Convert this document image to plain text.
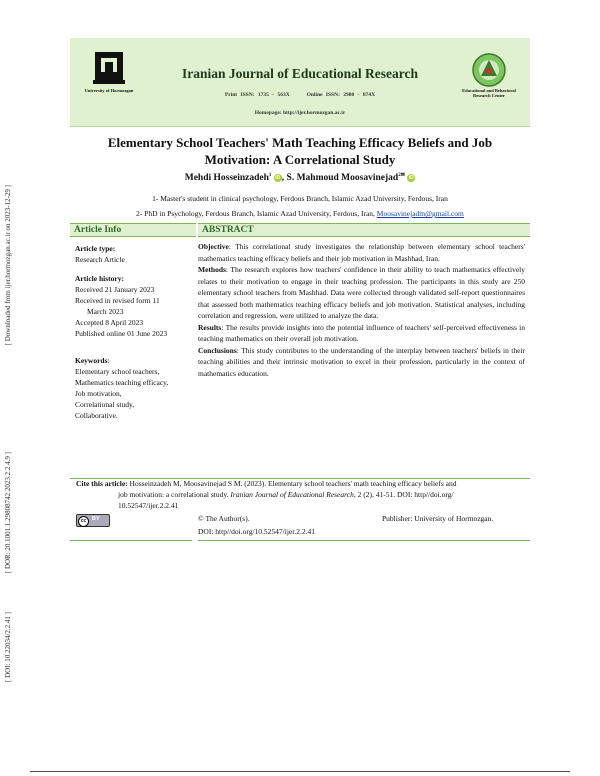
[ Downloaded from ijer.hormozgan.ac.ir on 2023-12-29 ]
[ DOR: 20.1001.1.29808742.2023.2.2.4.9 ]
[ DOI: 10.22034/2.2.41 ]
University of Hormozgan
Iranian Journal of Educational Research
Print ISSN: 1735 - 563X	Online ISSN: 2980 - 874X
Homepage: http://ijer.hormozgan.ac.ir
Educational and Behavioral Research Center
Elementary School Teachers' Math Teaching Efficacy Beliefs and Job Motivation: A Correlational Study
Mehdi Hosseinzadeh$^1$ iD , S. Mahmoud Moosavinejad$^{2✉}$ iD
1- Master's student in clinical psychology, Ferdous Branch, Islamic Azad University, Ferdous, Iran
2- PhD in Psychology, Ferdous Branch, Islamic Azad University, Ferdous, Iran, Moosavinejadm@gmail.com
Article Info	ABSTRACT
Article type:
Research Article
Article history:
Received 21 January 2023
Received in revised form 11
March 2023
Accepted 8 April 2023
Published online 01 June 2023
Keywords:
Elementary school teachers,
Mathematics teaching efficacy,
Job motivation,
Correlational study,
Collaborative.

Objective: This correlational study investigates the relationship between elementary school teachers' mathematics teaching efficacy beliefs and their job motivation in Mashhad, Iran.

Methods: The research explores how teachers' confidence in their ability to teach mathematics effectively relates to their motivation to engage in their teaching profession. The participants in this study are 250 elementary school teachers from Mashhad. Data were collected through validated self-report questionnaires that assessed both mathematics teaching efficacy beliefs and job motivation. Statistical analyses, including correlation and regression, were utilized to analyze the data.

Results: The results provide insights into the potential influence of teachers' self-perceived effectiveness in teaching mathematics on their overall job motivation.

Conclusions: This study contributes to the understanding of the interplay between teachers' beliefs in their teaching abilities and their intrinsic motivation to excel in their profession, particularly in the context of mathematics education.

Cite this article: Hosseinzadeh M, Moosavinejad S M. (2023). Elementary school teachers' math teaching efficacy beliefs and
job motivation: a correlational study. Iranian Journal of Educational Research, 2 (2), 41-51. DOI: http//doi.org/
10.52547/ijer.2.2.41
cc	BY	© The Author(s).	Publisher: University of Hormozgan.
DOI: http//doi.org/10.52547/ijer.2.2.41
